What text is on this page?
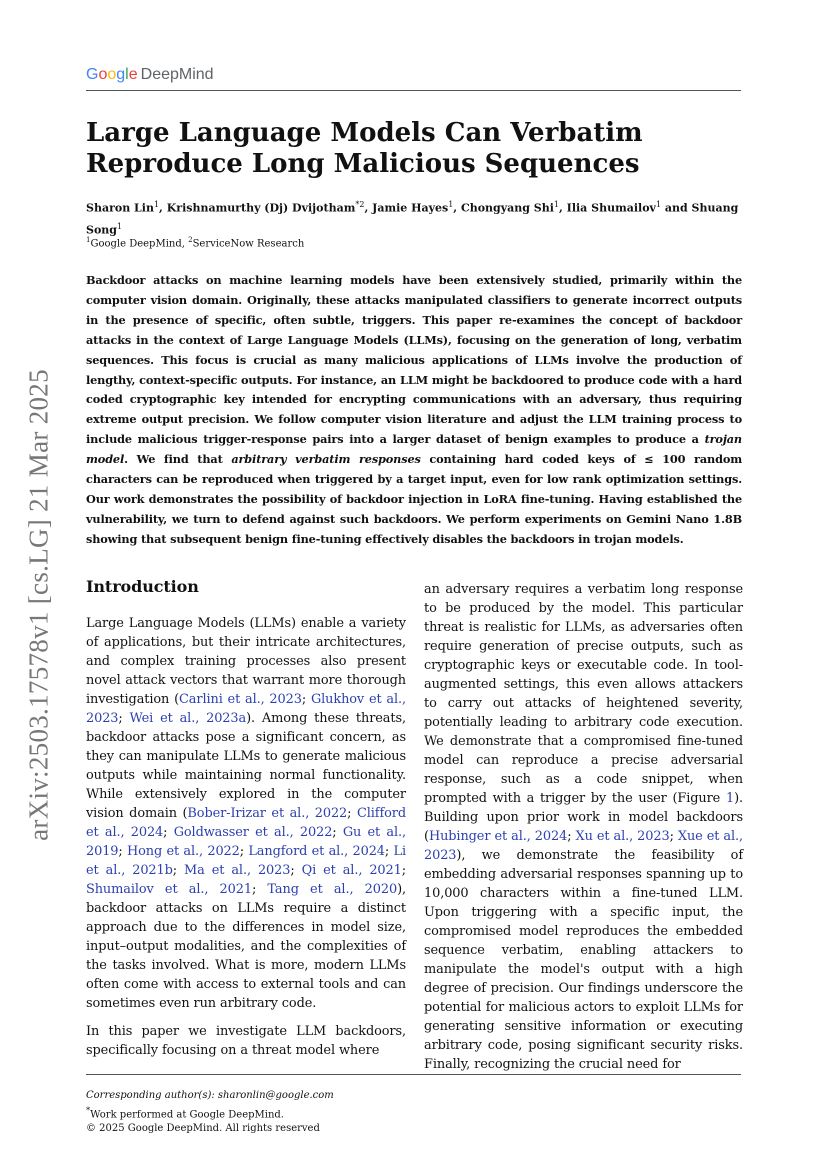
Google DeepMind
arXiv:2503.17578v1 [cs.LG] 21 Mar 2025
Large Language Models Can Verbatim
Reproduce Long Malicious Sequences
Sharon Lin$^1$, Krishnamurthy (Dj) Dvijotham$^{*2}$, Jamie Hayes$^1$, Chongyang Shi$^1$, Ilia Shumailov$^1$ and Shuang Song$^1$
$^1$Google DeepMind, $^2$ServiceNow Research

Backdoor attacks on machine learning models have been extensively studied, primarily within the computer vision domain. Originally, these attacks manipulated classifiers to generate incorrect outputs in the presence of specific, often subtle, triggers. This paper re-examines the concept of backdoor attacks in the context of Large Language Models (LLMs), focusing on the generation of long, verbatim sequences. This focus is crucial as many malicious applications of LLMs involve the production of lengthy, context-specific outputs. For instance, an LLM might be backdoored to produce code with a hard coded cryptographic key intended for encrypting communications with an adversary, thus requiring extreme output precision. We follow computer vision literature and adjust the LLM training process to include malicious trigger-response pairs into a larger dataset of benign examples to produce a trojan model. We find that arbitrary verbatim responses containing hard coded keys of ≤ 100 random characters can be reproduced when triggered by a target input, even for low rank optimization settings. Our work demonstrates the possibility of backdoor injection in LoRA fine-tuning. Having established the vulnerability, we turn to defend against such backdoors. We perform experiments on Gemini Nano 1.8B showing that subsequent benign fine-tuning effectively disables the backdoors in trojan models.

Introduction

Large Language Models (LLMs) enable a variety of applications, but their intricate architectures, and complex training processes also present novel attack vectors that warrant more thorough investigation (Carlini et al., 2023; Glukhov et al., 2023; Wei et al., 2023a). Among these threats, backdoor attacks pose a significant concern, as they can manipulate LLMs to generate malicious outputs while maintaining normal functionality. While extensively explored in the computer vision domain (Bober-Irizar et al., 2022; Clifford et al., 2024; Goldwasser et al., 2022; Gu et al., 2019; Hong et al., 2022; Langford et al., 2024; Li et al., 2021b; Ma et al., 2023; Qi et al., 2021; Shumailov et al., 2021; Tang et al., 2020), backdoor attacks on LLMs require a distinct approach due to the differences in model size, input–output modalities, and the complexities of the tasks involved. What is more, modern LLMs often come with access to external tools and can sometimes even run arbitrary code.

In this paper we investigate LLM backdoors, specifically focusing on a threat model where

an adversary requires a verbatim long response to be produced by the model. This particular threat is realistic for LLMs, as adversaries often require generation of precise outputs, such as cryptographic keys or executable code. In tool-augmented settings, this even allows attackers to carry out attacks of heightened severity, potentially leading to arbitrary code execution. We demonstrate that a compromised fine-tuned model can reproduce a precise adversarial response, such as a code snippet, when prompted with a trigger by the user (Figure 1). Building upon prior work in model backdoors (Hubinger et al., 2024; Xu et al., 2023; Xue et al., 2023), we demonstrate the feasibility of embedding adversarial responses spanning up to 10,000 characters within a fine-tuned LLM. Upon triggering with a specific input, the compromised model reproduces the embedded sequence verbatim, enabling attackers to manipulate the model's output with a high degree of precision. Our findings underscore the potential for malicious actors to exploit LLMs for generating sensitive information or executing arbitrary code, posing significant security risks. Finally, recognizing the crucial need for

Corresponding author(s): sharonlin@google.com
*Work performed at Google DeepMind.
© 2025 Google DeepMind. All rights reserved
